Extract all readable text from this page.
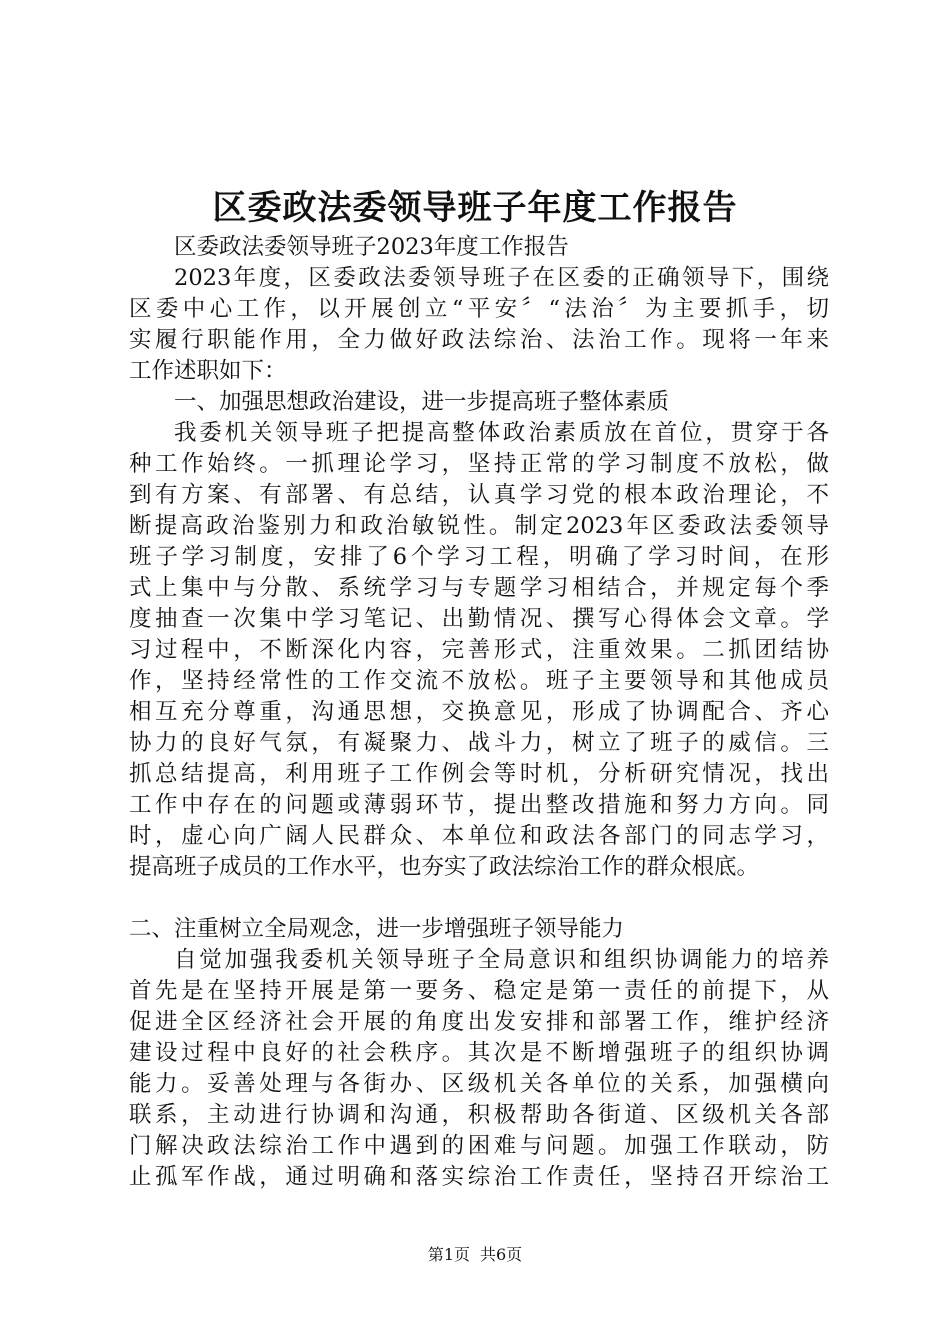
区委政法委领导班子年度工作报告
区委政法委领导班子2023年度工作报告
2023年度，区委政法委领导班子在区委的正确领导下，围绕
区委中心工作，以开展创立“平安〞“法治〞为主要抓手，切
实履行职能作用，全力做好政法综治、法治工作。现将一年来
工作述职如下：
一、加强思想政治建设，进一步提高班子整体素质
我委机关领导班子把提高整体政治素质放在首位，贯穿于各
种工作始终。一抓理论学习，坚持正常的学习制度不放松，做
到有方案、有部署、有总结，认真学习党的根本政治理论，不
断提高政治鉴别力和政治敏锐性。制定2023年区委政法委领导
班子学习制度，安排了6个学习工程，明确了学习时间，在形
式上集中与分散、系统学习与专题学习相结合，并规定每个季
度抽查一次集中学习笔记、出勤情况、撰写心得体会文章。学
习过程中，不断深化内容，完善形式，注重效果。二抓团结协
作，坚持经常性的工作交流不放松。班子主要领导和其他成员
相互充分尊重，沟通思想，交换意见，形成了协调配合、齐心
协力的良好气氛，有凝聚力、战斗力，树立了班子的威信。三
抓总结提高，利用班子工作例会等时机，分析研究情况，找出
工作中存在的问题或薄弱环节，提出整改措施和努力方向。同
时，虚心向广阔人民群众、本单位和政法各部门的同志学习，
提高班子成员的工作水平，也夯实了政法综治工作的群众根底。
二、注重树立全局观念，进一步增强班子领导能力
自觉加强我委机关领导班子全局意识和组织协调能力的培养
首先是在坚持开展是第一要务、稳定是第一责任的前提下，从
促进全区经济社会开展的角度出发安排和部署工作，维护经济
建设过程中良好的社会秩序。其次是不断增强班子的组织协调
能力。妥善处理与各街办、区级机关各单位的关系，加强横向
联系，主动进行协调和沟通，积极帮助各街道、区级机关各部
门解决政法综治工作中遇到的困难与问题。加强工作联动，防
止孤军作战，通过明确和落实综治工作责任，坚持召开综治工
第1页 共6页
